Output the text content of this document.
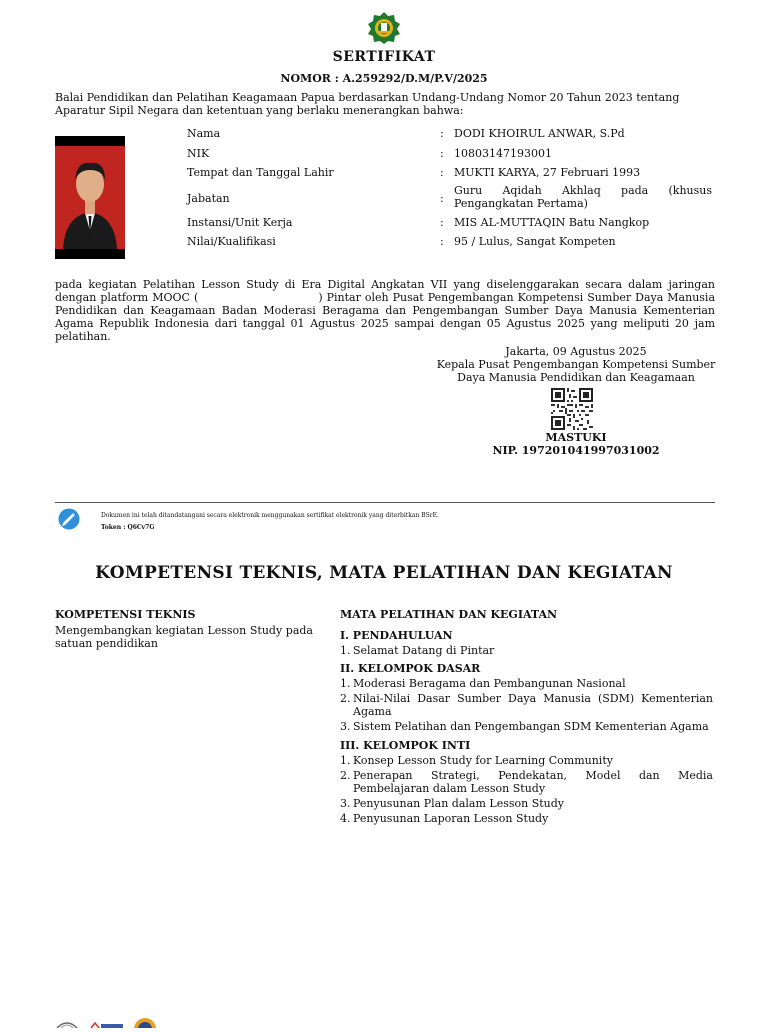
SERTIFIKAT
NOMOR : A.259292/D.M/P.V/2025
Balai Pendidikan dan Pelatihan Keagamaan Papua berdasarkan Undang-Undang Nomor 20 Tahun 2023 tentang Aparatur Sipil Negara dan ketentuan yang berlaku menerangkan bahwa:
Nama	: DODI KHOIRUL ANWAR, S.Pd
NIK	: 10803147193001
Tempat dan Tanggal Lahir	: MUKTI KARYA, 27 Februari 1993
Jabatan	:
Guru Aqidah Akhlaq pada (khusus Pengangkatan Pertama)
Instansi/Unit Kerja	: MIS AL-MUTTAQIN Batu Nangkop
Nilai/Kualifikasi	: 95 / Lulus, Sangat Kompeten
pada kegiatan Pelatihan Lesson Study di Era Digital Angkatan VII yang diselenggarakan secara dalam jaringan dengan platform MOOC (                              ) Pintar oleh Pusat Pengembangan Kompetensi Sumber Daya Manusia Pendidikan dan Keagamaan Badan Moderasi Beragama dan Pengembangan Sumber Daya Manusia Kementerian Agama Republik Indonesia dari tanggal 01 Agustus 2025 sampai dengan 05 Agustus 2025 yang meliputi 20 jam pelatihan.
Jakarta, 09 Agustus 2025
Kepala Pusat Pengembangan Kompetensi Sumber
Daya Manusia Pendidikan dan Keagamaan
MASTUKI
NIP. 197201041997031002
Dokumen ini telah ditandatangani secara elektronik menggunakan sertifikat elektronik yang diterbitkan BSrE.
Token : Q6Cv7G
KOMPETENSI TEKNIS, MATA PELATIHAN DAN KEGIATAN
KOMPETENSI TEKNIS
Mengembangkan kegiatan Lesson Study pada satuan pendidikan
MATA PELATIHAN DAN KEGIATAN
I. PENDAHULUAN
1. Selamat Datang di Pintar
II. KELOMPOK DASAR
1. Moderasi Beragama dan Pembangunan Nasional
2. Nilai-Nilai Dasar Sumber Daya Manusia (SDM) Kementerian Agama
3. Sistem Pelatihan dan Pengembangan SDM Kementerian Agama
III. KELOMPOK INTI
1. Konsep Lesson Study for Learning Community
2. Penerapan Strategi, Pendekatan, Model dan Media Pembelajaran dalam Lesson Study
3. Penyusunan Plan dalam Lesson Study
4. Penyusunan Laporan Lesson Study
